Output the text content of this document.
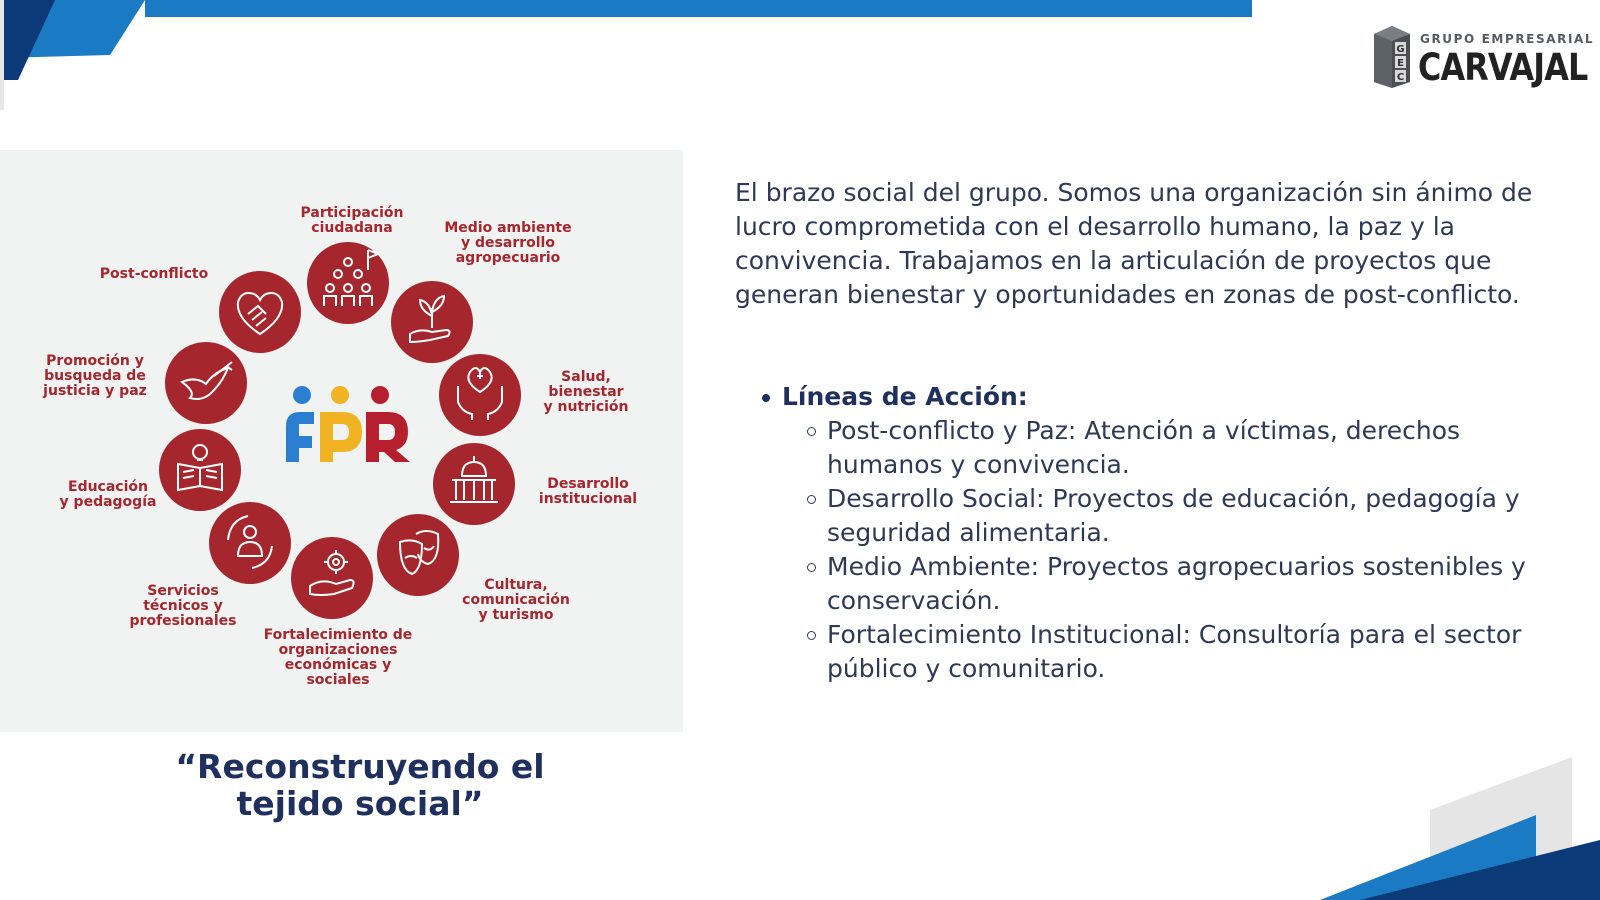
G
E
C
GRUPO EMPRESARIAL
CARVAJAL
Participación ciudadana	Medio ambiente y desarrollo agropecuario
Salud, bienestar y nutrición
Desarrollo institucional
Cultura, comunicación y turismo
Fortalecimiento de organizaciones económicas y sociales
Servicios técnicos y profesionales
Educación y pedagogía
Promoción y busqueda de justicia y paz
Post-conflicto
“Reconstruyendo el tejido social”
El brazo social del grupo. Somos una organización sin ánimo de lucro comprometida con el desarrollo humano, la paz y la convivencia. Trabajamos en la articulación de proyectos que generan bienestar y oportunidades en zonas de post-conflicto.
Líneas de Acción:
Post-conflicto y Paz: Atención a víctimas, derechos humanos y convivencia.
Desarrollo Social: Proyectos de educación, pedagogía y seguridad alimentaria.
Medio Ambiente: Proyectos agropecuarios sostenibles y conservación.
Fortalecimiento Institucional: Consultoría para el sector público y comunitario.
